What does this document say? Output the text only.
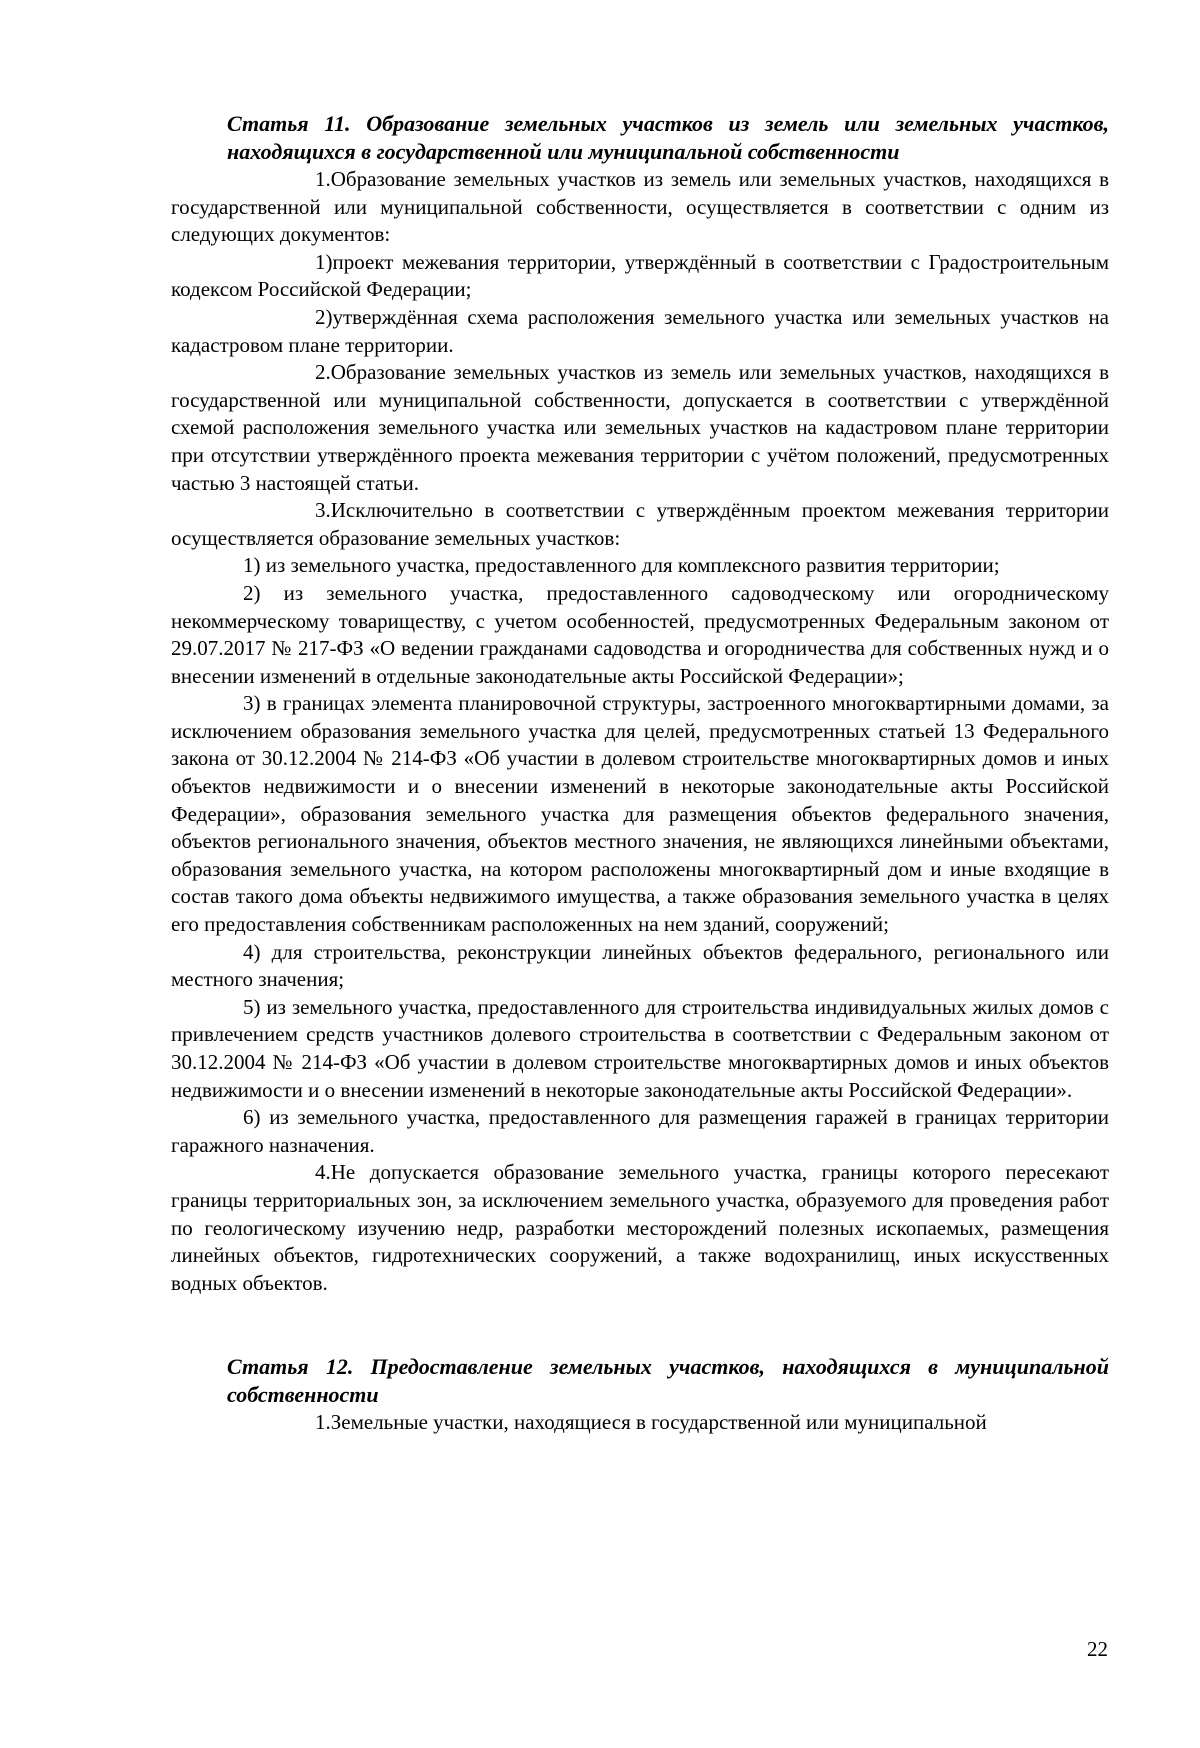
Статья 11. Образование земельных участков из земель или земельных участков, находящихся в государственной или муниципальной собственности

1.Образование земельных участков из земель или земельных участков, находящихся в государственной или муниципальной собственности, осуществляется в соответствии с одним из следующих документов:

1)проект межевания территории, утверждённый в соответствии с Градостроительным кодексом Российской Федерации;

2)утверждённая схема расположения земельного участка или земельных участков на кадастровом плане территории.

2.Образование земельных участков из земель или земельных участков, находящихся в государственной или муниципальной собственности, допускается в соответствии с утверждённой схемой расположения земельного участка или земельных участков на кадастровом плане территории при отсутствии утверждённого проекта межевания территории с учётом положений, предусмотренных частью 3 настоящей статьи.

3.Исключительно в соответствии с утверждённым проектом межевания территории осуществляется образование земельных участков:

1) из земельного участка, предоставленного для комплексного развития территории;

2) из земельного участка, предоставленного садоводческому или огородническому некоммерческому товариществу, с учетом особенностей, предусмотренных Федеральным законом от 29.07.2017 № 217-ФЗ «О ведении гражданами садоводства и огородничества для собственных нужд и о внесении изменений в отдельные законодательные акты Российской Федерации»;

3) в границах элемента планировочной структуры, застроенного многоквартирными домами, за исключением образования земельного участка для целей, предусмотренных статьей 13 Федерального закона от 30.12.2004 № 214-ФЗ «Об участии в долевом строительстве многоквартирных домов и иных объектов недвижимости и о внесении изменений в некоторые законодательные акты Российской Федерации», образования земельного участка для размещения объектов федерального значения, объектов регионального значения, объектов местного значения, не являющихся линейными объектами, образования земельного участка, на котором расположены многоквартирный дом и иные входящие в состав такого дома объекты недвижимого имущества, а также образования земельного участка в целях его предоставления собственникам расположенных на нем зданий, сооружений;

4) для строительства, реконструкции линейных объектов федерального, регионального или местного значения;

5) из земельного участка, предоставленного для строительства индивидуальных жилых домов с привлечением средств участников долевого строительства в соответствии с Федеральным законом от 30.12.2004 № 214-ФЗ «Об участии в долевом строительстве многоквартирных домов и иных объектов недвижимости и о внесении изменений в некоторые законодательные акты Российской Федерации».

6) из земельного участка, предоставленного для размещения гаражей в границах территории гаражного назначения.

4.Не допускается образование земельного участка, границы которого пересекают границы территориальных зон, за исключением земельного участка, образуемого для проведения работ по геологическому изучению недр, разработки месторождений полезных ископаемых, размещения линейных объектов, гидротехнических сооружений, а также водохранилищ, иных искусственных водных объектов.

Статья 12. Предоставление земельных участков, находящихся в муниципальной собственности

1.Земельные участки, находящиеся в государственной или муниципальной

22
